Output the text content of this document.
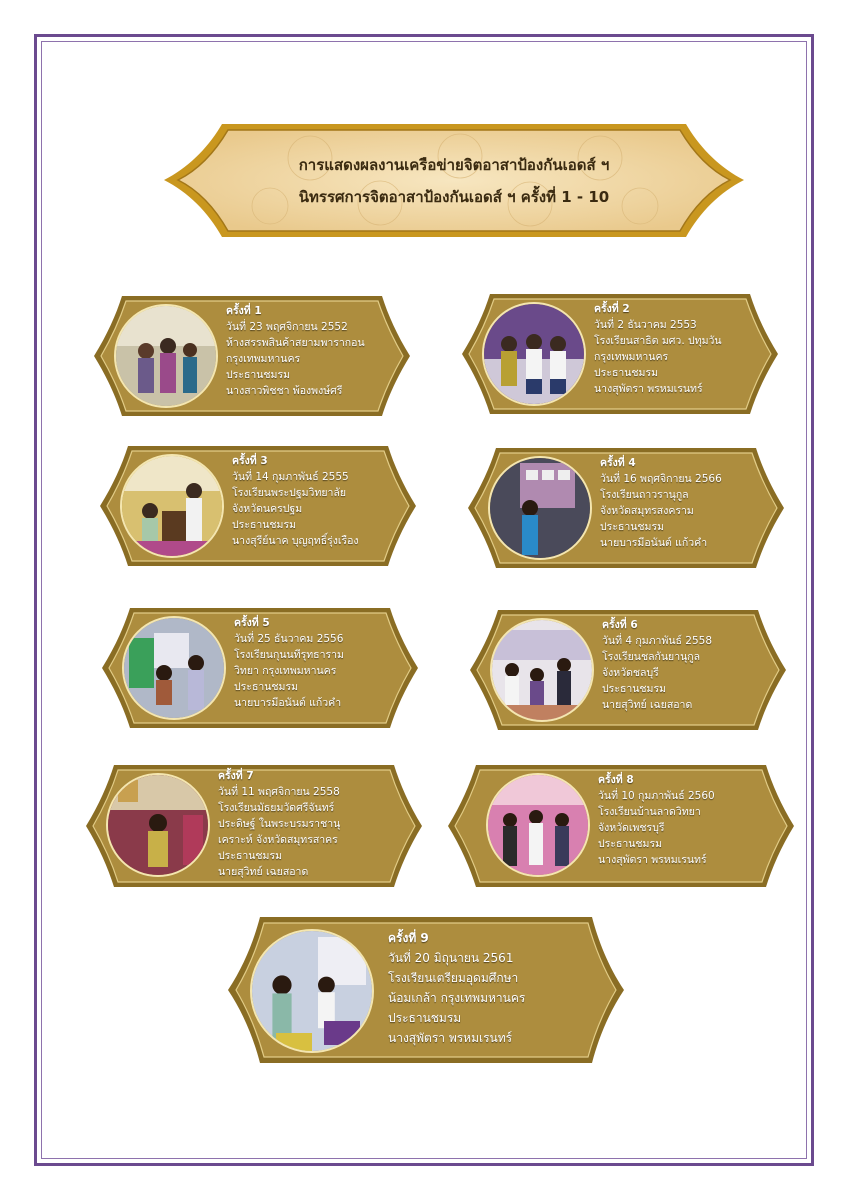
การแสดงผลงานเครือข่ายจิตอาสาป้องกันเอดส์ ฯ
นิทรรศการจิตอาสาป้องกันเอดส์ ฯ ครั้งที่ 1 - 10
ครั้งที่ 1
วันที่ 23 พฤศจิกายน 2552
ห้างสรรพสินค้าสยามพารากอน
กรุงเทพมหานคร
ประธานชมรม
นางสาวพิชชา พ้องพงษ์ศรี
ครั้งที่ 2
วันที่ 2 ธันวาคม 2553
โรงเรียนสาธิต มศว. ปทุมวัน
กรุงเทพมหานคร
ประธานชมรม
นางสุพัตรา พรหมเรนทร์
ครั้งที่ 3
วันที่ 14 กุมภาพันธ์ 2555
โรงเรียนพระปฐมวิทยาลัย
จังหวัดนครปฐม
ประธานชมรม
นางสุรีย์นาค บุญฤทธิ์รุ่งเรือง
ครั้งที่ 4
วันที่ 16 พฤศจิกายน 2566
โรงเรียนถาวรานุกูล
จังหวัดสมุทรสงคราม
ประธานชมรม
นายบารมีอนันต์ แก้วคำ
ครั้งที่ 5
วันที่ 25 ธันวาคม 2556
โรงเรียนกุนนทีรุทธาราม
วิทยา กรุงเทพมหานคร
ประธานชมรม
นายบารมีอนันต์ แก้วคำ
ครั้งที่ 6
วันที่ 4 กุมภาพันธ์ 2558
โรงเรียนชลกันยานุกูล
จังหวัดชลบุรี
ประธานชมรม
นายสุวิทย์ เฉยสอาด
ครั้งที่ 7
วันที่ 11 พฤศจิกายน 2558
โรงเรียนมัธยมวัดศรีจันทร์
ประดิษฐ์ ในพระบรมราชานุ
เคราะห์ จังหวัดสมุทรสาคร
ประธานชมรม
นายสุวิทย์ เฉยสอาด
ครั้งที่ 8
วันที่ 10 กุมภาพันธ์ 2560
โรงเรียนบ้านลาดวิทยา
จังหวัดเพชรบุรี
ประธานชมรม
นางสุพัตรา พรหมเรนทร์
ครั้งที่ 9
วันที่ 20 มิถุนายน 2561
โรงเรียนเตรียมอุดมศึกษา
น้อมเกล้า กรุงเทพมหานคร
ประธานชมรม
นางสุพัตรา พรหมเรนทร์
